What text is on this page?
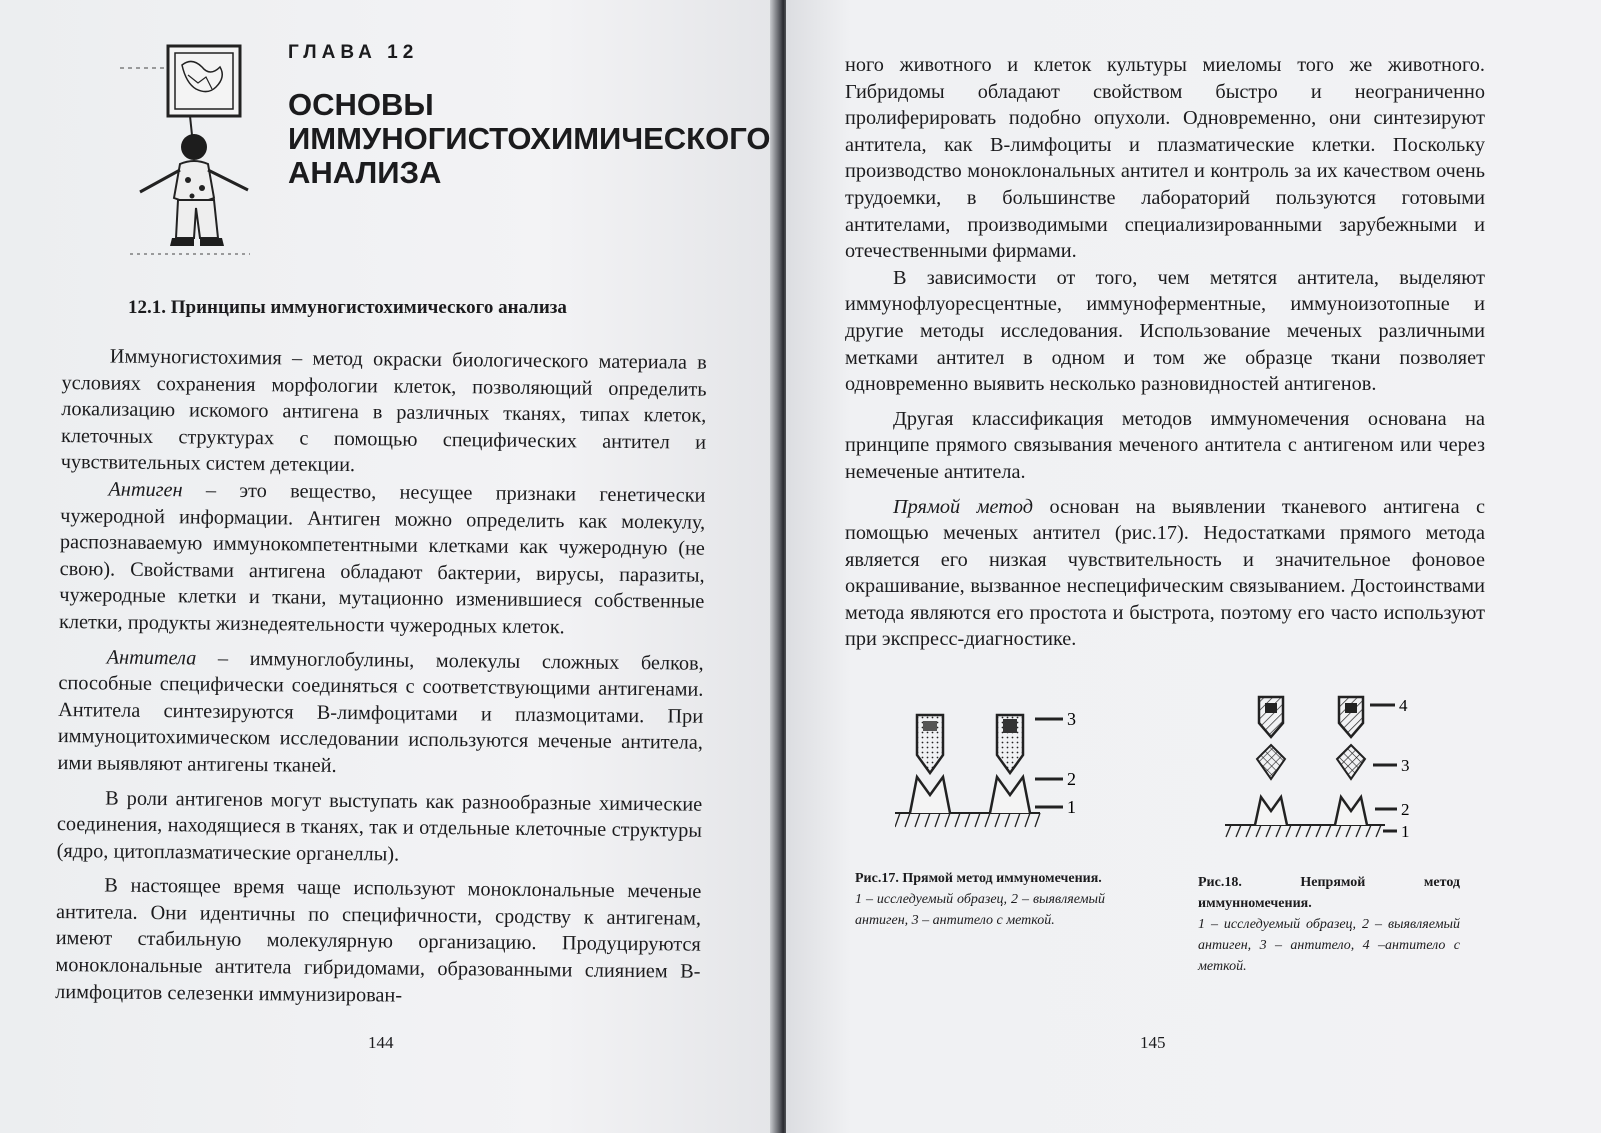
ГЛАВА 12
ОСНОВЫ
ИММУНОГИСТОХИМИЧЕСКОГО
АНАЛИЗА
12.1. Принципы иммуногистохимического анализа

Иммуногистохимия – метод окраски биологического материала в условиях сохранения морфологии клеток, позволяющий определить локализацию искомого антигена в различных тканях, типах клеток, клеточных структурах с помощью специфических антител и чувствительных систем детекции.

Антиген – это вещество, несущее признаки генетически чужеродной информации. Антиген можно определить как молекулу, распознаваемую иммунокомпетентными клетками как чужеродную (не свою). Свойствами антигена обладают бактерии, вирусы, паразиты, чужеродные клетки и ткани, мутационно изменившиеся собственные клетки, продукты жизнедеятельности чужеродных клеток.

Антитела – иммуноглобулины, молекулы сложных белков, способные специфически соединяться с соответствующими антигенами. Антитела синтезируются В-лимфоцитами и плазмоцитами. При иммуноцитохимическом исследовании используются меченые антитела, ими выявляют антигены тканей.

В роли антигенов могут выступать как разнообразные химические соединения, находящиеся в тканях, так и отдельные клеточные структуры (ядро, цитоплазматические органеллы).

В настоящее время чаще используют моноклональные меченые антитела. Они идентичны по специфичности, сродству к антигенам, имеют стабильную молекулярную организацию. Продуцируются моноклональные антитела гибридомами, образованными слиянием В-лимфоцитов селезенки иммунизирован-

144

ного животного и клеток культуры миеломы того же животного. Гибридомы обладают свойством быстро и неограниченно пролиферировать подобно опухоли. Одновременно, они синтезируют антитела, как В-лимфоциты и плазматические клетки. Поскольку производство моноклональных антител и контроль за их качеством очень трудоемки, в большинстве лабораторий пользуются готовыми антителами, производимыми специализированными зарубежными и отечественными фирмами.

В зависимости от того, чем метятся антитела, выделяют иммунофлуоресцентные, иммуноферментные, иммуноизотопные и другие методы исследования. Использование меченых различными метками антител в одном и том же образце ткани позволяет одновременно выявить несколько разновидностей антигенов.

Другая классификация методов иммуномечения основана на принципе прямого связывания меченого антитела с антигеном или через немеченые антитела.

Прямой метод основан на выявлении тканевого антигена с помощью меченых антител (рис.17). Недостатками прямого метода является его низкая чувствительность и значительное фоновое окрашивание, вызванное неспецифическим связыванием. Достоинствами метода являются его простота и быстрота, поэтому его часто используют при экспресс-диагностике.

3
2
1
4
3
2
1
Рис.17. Прямой метод иммуномечения.
1 – исследуемый образец, 2 – выявляемый антиген, 3 – антитело с меткой.
Рис.18. Непрямой метод иммунномечения.
1 – исследуемый образец, 2 – выявляемый антиген, 3 – антитело, 4 –антитело с меткой.
145
